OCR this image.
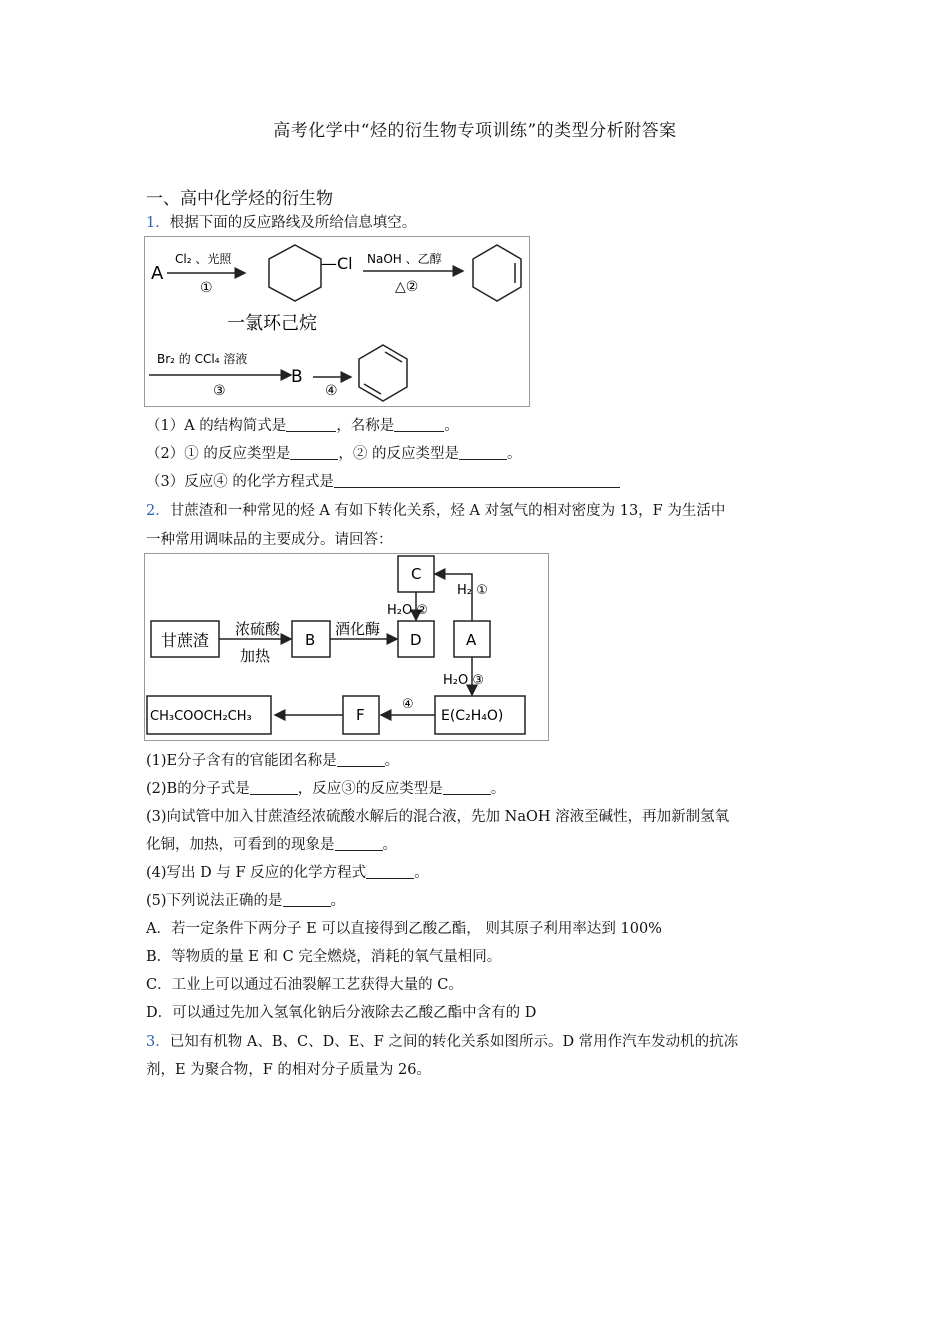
高考化学中“烃的衍生物专项训练”的类型分析附答案
一、高中化学烃的衍生物
1．根据下面的反应路线及所给信息填空。
A
Cl₂ 、光照
①
—Cl
一氯环己烷
NaOH 、乙醇
△②
Br₂ 的 CCl₄ 溶液
③
B
④
（1）A 的结构简式是	，名称是	。
（2）① 的反应类型是	，② 的反应类型是	。
（3）反应④ 的化学方程式是
2．甘蔗渣和一种常见的烃 A 有如下转化关系，烃 A 对氢气的相对密度为 13，F 为生活中
一种常用调味品的主要成分。请回答：
甘蔗渣
浓硫酸
加热
B
酒化酶
D
C
H₂O ②
A
H₂ ①
H₂O ③
E(C₂H₄O)
④
F
CH₃COOCH₂CH₃
(1)E分子含有的官能团名称是	。
(2)B的分子式是	，反应③的反应类型是	。
(3)向试管中加入甘蔗渣经浓硫酸水解后的混合液，先加 NaOH 溶液至碱性，再加新制氢氧
化铜，加热，可看到的现象是	。
(4)写出 D 与 F 反应的化学方程式	。
(5)下列说法正确的是	。
A．若一定条件下两分子 E 可以直接得到乙酸乙酯， 则其原子利用率达到 100%
B．等物质的量 E 和 C 完全燃烧，消耗的氧气量相同。
C．工业上可以通过石油裂解工艺获得大量的 C。
D．可以通过先加入氢氧化钠后分液除去乙酸乙酯中含有的 D
3．已知有机物 A、B、C、D、E、F 之间的转化关系如图所示。D 常用作汽车发动机的抗冻
剂，E 为聚合物，F 的相对分子质量为 26。
